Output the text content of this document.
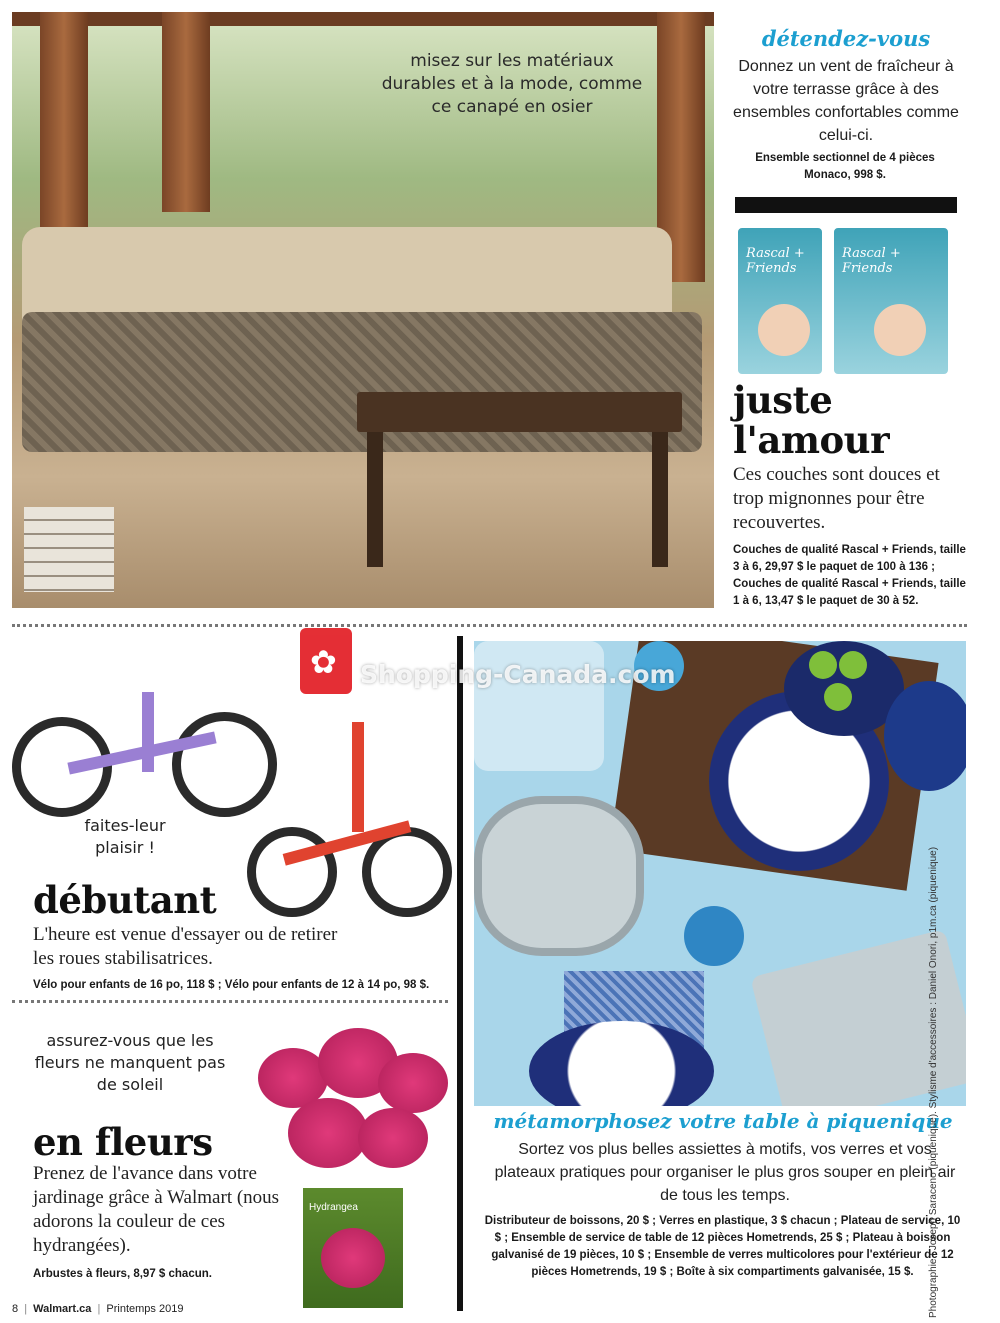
misez sur les matériaux durables et à la mode, comme ce canapé en osier
détendez-vous
Donnez un vent de fraîcheur à votre terrasse grâce à des ensembles confortables comme celui-ci.
Ensemble sectionnel de 4 pièces Monaco, 998 $.
Rascal + Friends
Rascal + Friends
juste
l'amour
Ces couches sont douces et trop mignonnes pour être recouvertes.
Couches de qualité Rascal + Friends, taille 3 à 6, 29,97 $ le paquet de 100 à 136 ; Couches de qualité Rascal + Friends, taille 1 à 6, 13,47 $ le paquet de 30 à 52.
faites-leur plaisir !
débutant
L'heure est venue d'essayer ou de retirer les roues stabilisatrices.
Vélo pour enfants de 16 po, 118 $ ; Vélo pour enfants de 12 à 14 po, 98 $.
Hydrangea
assurez-vous que les fleurs ne manquent pas de soleil
en fleurs
Prenez de l'avance dans votre jardinage grâce à Walmart (nous adorons la couleur de ces hydrangées).
Arbustes à fleurs, 8,97 $ chacun.
métamorphosez votre table à piquenique
Sortez vos plus belles assiettes à motifs, vos verres et vos plateaux pratiques pour organiser le plus gros souper en plein air de tous les temps.
Distributeur de boissons, 20 $ ; Verres en plastique, 3 $ chacun ; Plateau de service, 10 $ ; Ensemble de service de table de 12 pièces Hometrends, 25 $ ; Plateau à boisson galvanisé de 19 pièces, 10 $ ; Ensemble de verres multicolores pour l'extérieur de 12 pièces Hometrends, 19 $ ; Boîte à six compartiments galvanisée, 15 $.	Photographie : Joseph Saraceno (piquenique). Stylisme d'accessoires : Daniel Onori, p1m.ca (piquenique)
✿ Shopping-Canada.com
8 | Walmart.ca | Printemps 2019
